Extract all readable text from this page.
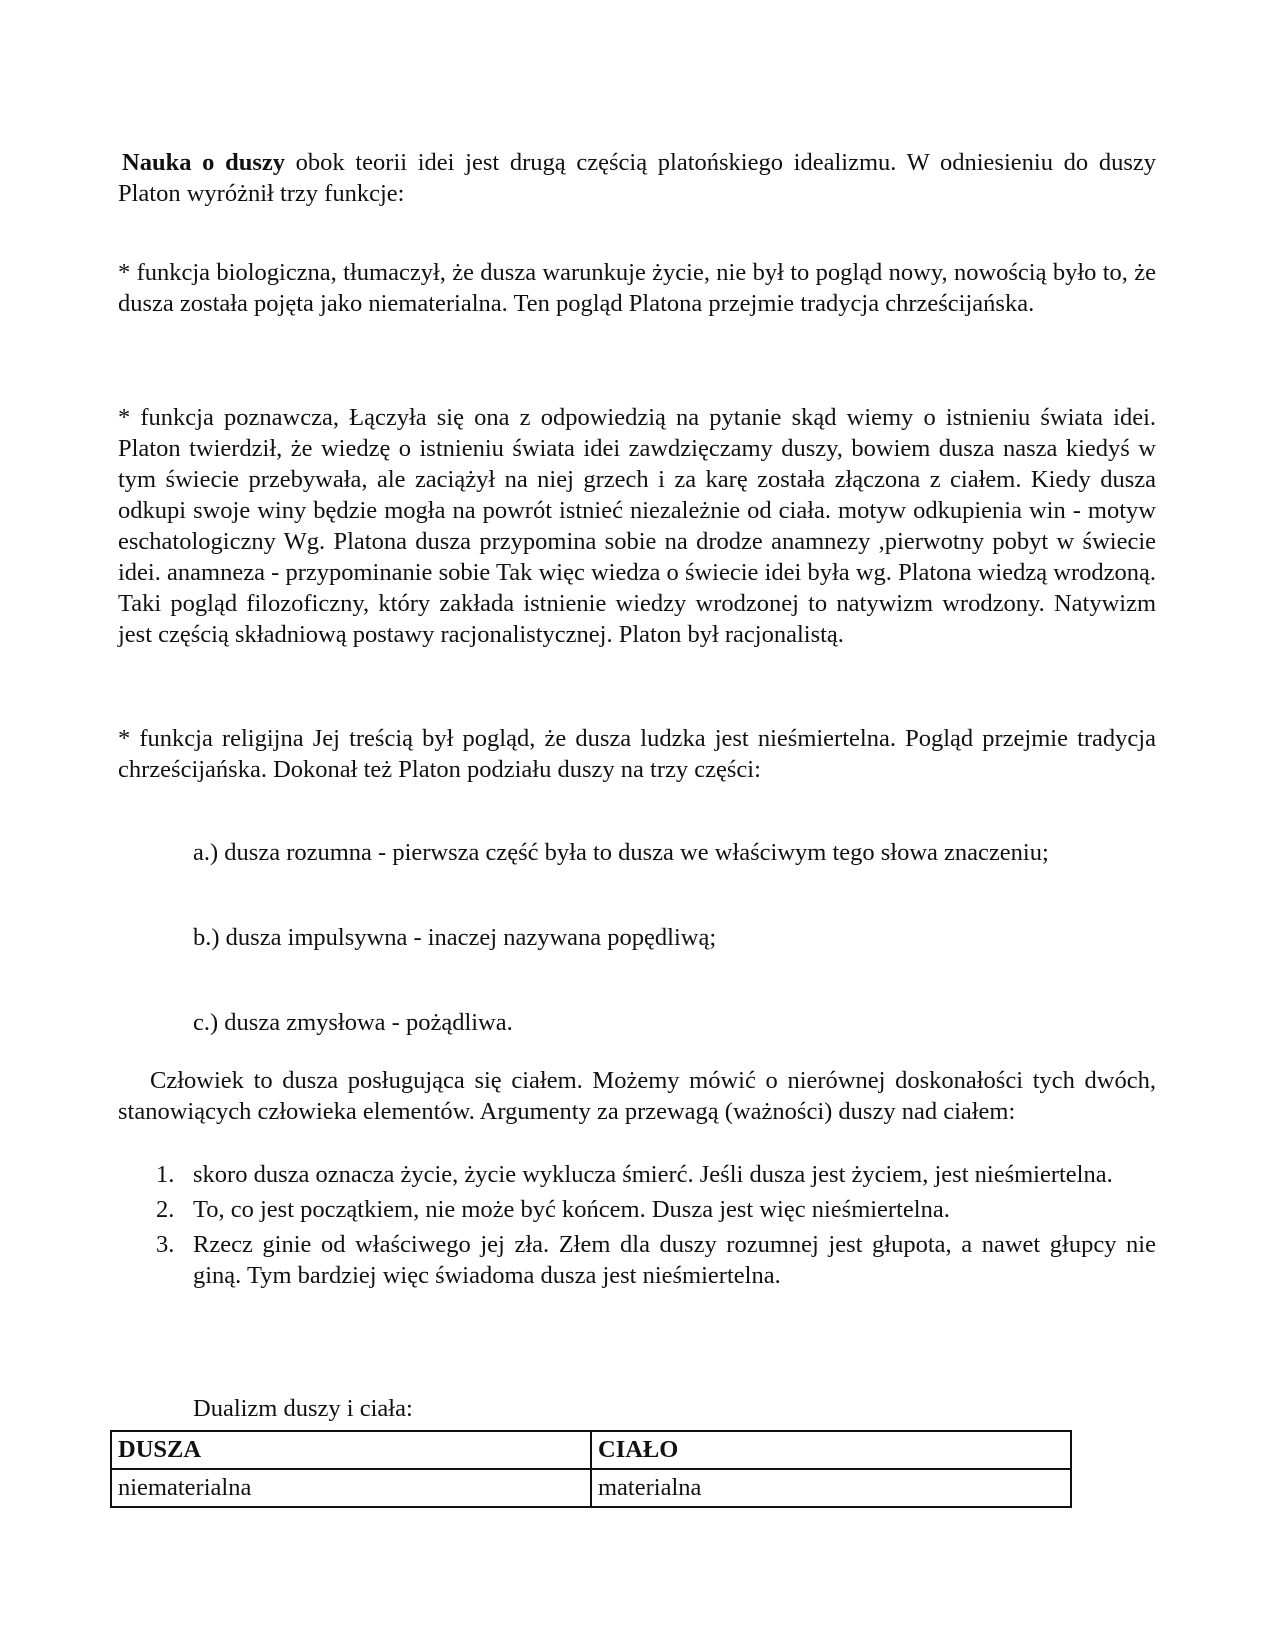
Nauka o duszy obok teorii idei jest drugą częścią platońskiego idealizmu. W odniesieniu do duszy Platon wyróżnił trzy funkcje:

* funkcja biologiczna, tłumaczył, że dusza warunkuje życie, nie był to pogląd nowy, nowością było to, że dusza została pojęta jako niematerialna. Ten pogląd Platona przejmie tradycja chrześcijańska.

* funkcja poznawcza, Łączyła się ona z odpowiedzią na pytanie skąd wiemy o istnieniu świata idei. Platon twierdził, że wiedzę o istnieniu świata idei zawdzięczamy duszy, bowiem dusza nasza kiedyś w tym świecie przebywała, ale zaciążył na niej grzech i za karę została złączona z ciałem. Kiedy dusza odkupi swoje winy będzie mogła na powrót istnieć niezależnie od ciała. motyw odkupienia win - motyw eschatologiczny Wg. Platona dusza przypomina sobie na drodze anamnezy ,pierwotny pobyt w świecie idei. anamneza - przypominanie sobie Tak więc wiedza o świecie idei była wg. Platona wiedzą wrodzoną. Taki pogląd filozoficzny, który zakłada istnienie wiedzy wrodzonej to natywizm wrodzony. Natywizm jest częścią składniową postawy racjonalistycznej. Platon był racjonalistą.

* funkcja religijna Jej treścią był pogląd, że dusza ludzka jest nieśmiertelna. Pogląd przejmie tradycja chrześcijańska. Dokonał też Platon podziału duszy na trzy części:

a.) dusza rozumna - pierwsza część była to dusza we właściwym tego słowa znaczeniu;

b.) dusza impulsywna - inaczej nazywana popędliwą;

c.) dusza zmysłowa - pożądliwa.

Człowiek to dusza posługująca się ciałem. Możemy mówić o nierównej doskonałości tych dwóch, stanowiących człowieka elementów. Argumenty za przewagą (ważności) duszy nad ciałem:

1. skoro dusza oznacza życie, życie wyklucza śmierć. Jeśli dusza jest życiem, jest nieśmiertelna.
2. To, co jest początkiem, nie może być końcem. Dusza jest więc nieśmiertelna.
3. Rzecz ginie od właściwego jej zła. Złem dla duszy rozumnej jest głupota, a nawet głupcy nie giną. Tym bardziej więc świadoma dusza jest nieśmiertelna.

Dualizm duszy i ciała:

DUSZA	CIAŁO
niematerialna	materialna
